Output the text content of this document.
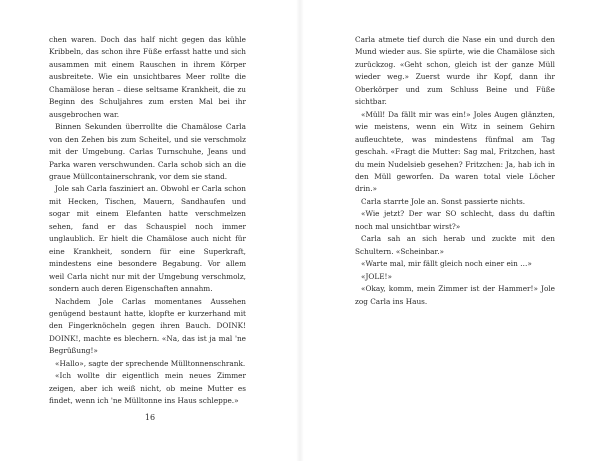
chen waren. Doch das half nicht gegen das kühle Kribbeln, das schon ihre Füße erfasst hatte und sich ausammen mit einem Rauschen in ihrem Körper ausbreitete. Wie ein unsichtbares Meer rollte die Chamälose heran – diese seltsame Krankheit, die zu Beginn des Schuljahres zum ersten Mal bei ihr ausgebrochen war.

Binnen Sekunden überrollte die Chamälose Carla von den Zehen bis zum Scheitel, und sie verschmolz mit der Umgebung. Carlas Turnschuhe, Jeans und Parka waren verschwunden. Carla schob sich an die graue Müllcontainerschrank, vor dem sie stand.

Jole sah Carla fasziniert an. Obwohl er Carla schon mit Hecken, Tischen, Mauern, Sandhaufen und sogar mit einem Elefanten hatte verschmelzen sehen, fand er das Schauspiel noch immer unglaublich. Er hielt die Chamälose auch nicht für eine Krankheit, sondern für eine Superkraft, mindestens eine besondere Begabung. Vor allem weil Carla nicht nur mit der Umgebung verschmolz, sondern auch deren Eigenschaften annahm.

Nachdem Jole Carlas momentanes Aussehen genügend bestaunt hatte, klopfte er kurzerhand mit den Fingerknöcheln gegen ihren Bauch. DOINK! DOINK!, machte es blechern. «Na, das ist ja mal 'ne Begrüßung!»

«Hallo», sagte der sprechende Mülltonnenschrank.

«Ich wollte dir eigentlich mein neues Zimmer zeigen, aber ich weiß nicht, ob meine Mutter es findet, wenn ich 'ne Mülltonne ins Haus schleppe.»

16

Carla atmete tief durch die Nase ein und durch den Mund wieder aus. Sie spürte, wie die Chamälose sich zurückzog. «Geht schon, gleich ist der ganze Müll wieder weg.» Zuerst wurde ihr Kopf, dann ihr Oberkörper und zum Schluss Beine und Füße sichtbar.

«Müll! Da fällt mir was ein!» Joles Augen glänzten, wie meistens, wenn ein Witz in seinem Gehirn aufleuchtete, was mindestens fünfmal am Tag geschah. «Fragt die Mutter: Sag mal, Fritzchen, hast du mein Nudelsieb gesehen? Fritzchen: Ja, hab ich in den Müll geworfen. Da waren total viele Löcher drin.»

Carla starrte Jole an. Sonst passierte nichts.

«Wie jetzt? Der war SO schlecht, dass du daftin noch mal unsichtbar wirst?»

Carla sah an sich herab und zuckte mit den Schultern. «Scheinbar.»

«Warte mal, mir fällt gleich noch einer ein …»

«JOLE!»

«Okay, komm, mein Zimmer ist der Hammer!» Jole zog Carla ins Haus.
